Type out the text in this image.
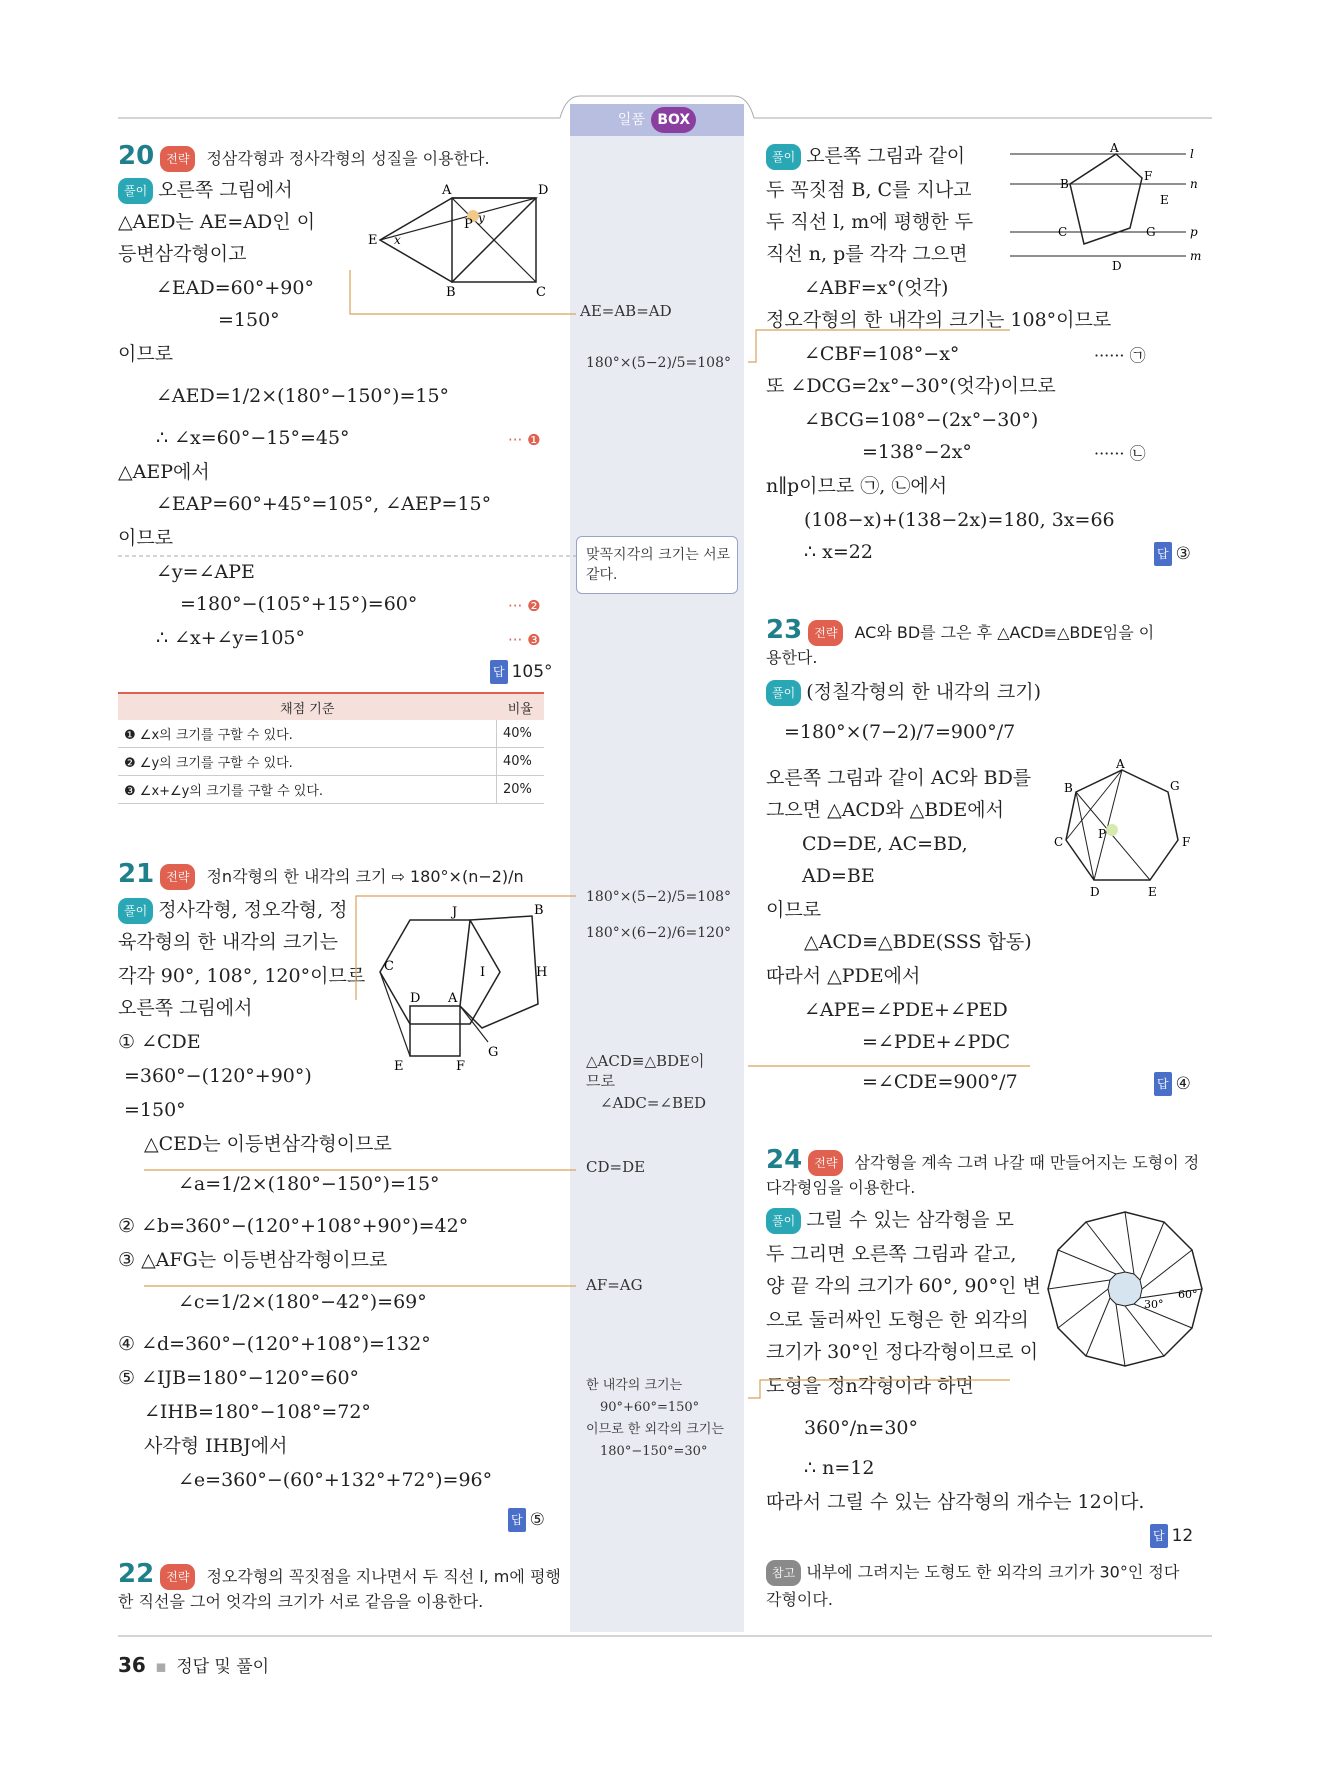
일품 BOX
20 전략 정삼각형과 정사각형의 성질을 이용한다.
풀이 오른쪽 그림에서
△AED는 AE=AD인 이
등변삼각형이고
∠EAD=60°+90°
=150°
이므로
∠AED=1/2×(180°−150°)=15°
∴ ∠x=60°−15°=45°
△AEP에서
∠EAP=60°+45°=105°, ∠AEP=15°
이므로
∠y=∠APE
=180°−(105°+15°)=60°
∴ ∠x+∠y=105°
··· ❶
··· ❷
··· ❸
답 105°
채점 기준	비율
❶ ∠x의 크기를 구할 수 있다.	40%
❷ ∠y의 크기를 구할 수 있다.	40%
❸ ∠x+∠y의 크기를 구할 수 있다.	20%
A	D
E
B	C
P
x
y
21 전략 정n각형의 한 내각의 크기 ⇨ 180°×(n−2)/n
풀이 정사각형, 정오각형, 정
육각형의 한 내각의 크기는
각각 90°, 108°, 120°이므로
오른쪽 그림에서
① ∠CDE
=360°−(120°+90°)
=150°
△CED는 이등변삼각형이므로
∠a=1/2×(180°−150°)=15°
② ∠b=360°−(120°+108°+90°)=42°
③ △AFG는 이등변삼각형이므로
∠c=1/2×(180°−42°)=69°
④ ∠d=360°−(120°+108°)=132°
⑤ ∠IJB=180°−120°=60°
∠IHB=180°−108°=72°
사각형 IHBJ에서
∠e=360°−(60°+132°+72°)=96°
답 ⑤
C
D A
E	F
G
J	B
H
I
22 전략 정오각형의 꼭짓점을 지나면서 두 직선 l, m에 평행
한 직선을 그어 엇각의 크기가 서로 같음을 이용한다.
풀이 오른쪽 그림과 같이
두 꼭짓점 B, C를 지나고
두 직선 l, m에 평행한 두
직선 n, p를 각각 그으면
∠ABF=x°(엇각)
정오각형의 한 내각의 크기는 108°이므로
∠CBF=108°−x°
또 ∠DCG=2x°−30°(엇각)이므로
∠BCG=108°−(2x°−30°)
=138°−2x°
n∥p이므로 ㉠, ㉡에서
(108−x)+(138−2x)=180, 3x=66
∴ x=22
······ ㉠
······ ㉡
답 ③
A
B
C
D
E
F
G
l
n
p
m
23 전략 AC와 BD를 그은 후 △ACD≡△BDE임을 이
용한다.
풀이 (정칠각형의 한 내각의 크기)
=180°×(7−2)/7=900°/7
오른쪽 그림과 같이 AC와 BD를
그으면 △ACD와 △BDE에서
CD=DE, AC=BD,
AD=BE
이므로
△ACD≡△BDE(SSS 합동)
따라서 △PDE에서
∠APE=∠PDE+∠PED
=∠PDE+∠PDC
=∠CDE=900°/7	답 ④
A
B	G
C	F
D	E
P
24 전략 삼각형을 계속 그려 나갈 때 만들어지는 도형이 정
다각형임을 이용한다.
풀이 그릴 수 있는 삼각형을 모
두 그리면 오른쪽 그림과 같고,
양 끝 각의 크기가 60°, 90°인 변
으로 둘러싸인 도형은 한 외각의
크기가 30°인 정다각형이므로 이
도형을 정n각형이라 하면
360°/n=30°
∴ n=12
따라서 그릴 수 있는 삼각형의 개수는 12이다.
답 12
참고 내부에 그려지는 도형도 한 외각의 크기가 30°인 정다
각형이다.
60°
30°
AE=AB=AD
180°×(5−2)/5=108°
맞꼭지각의 크기는 서로
같다.
180°×(5−2)/5=108°
180°×(6−2)/6=120°
△ACD≡△BDE이
므로
∠ADC=∠BED
CD=DE
AF=AG
한 내각의 크기는
90°+60°=150°
이므로 한 외각의 크기는
180°−150°=30°
36 ▪ 정답 및 풀이
